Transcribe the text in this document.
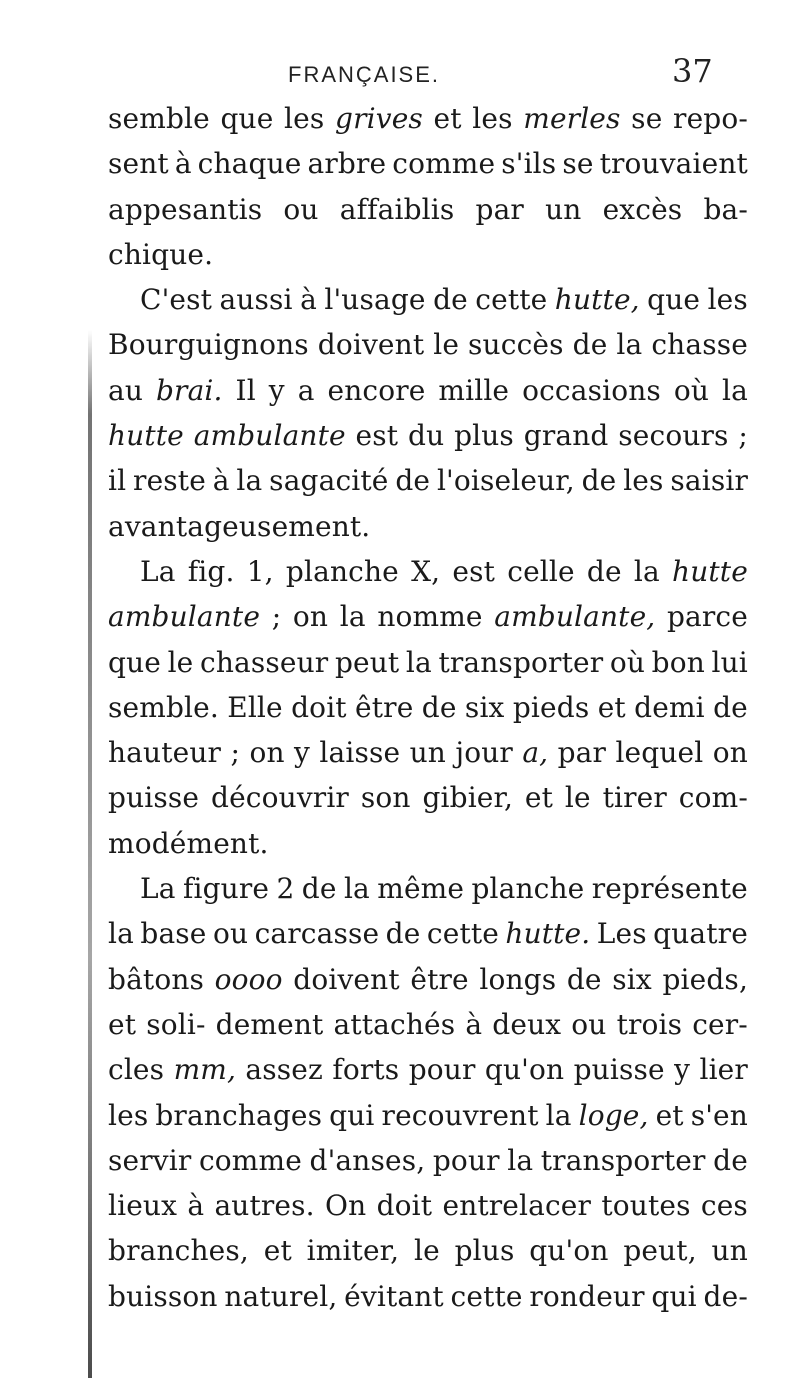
FRANÇAISE.	37
semble que les grives et les merles se repo-
sent à chaque arbre comme s'ils se trouvaient
appesantis ou affaiblis par un excès ba-
chique.
C'est aussi à l'usage de cette hutte, que les
Bourguignons doivent le succès de la chasse
au brai. Il y a encore mille occasions où la
hutte ambulante est du plus grand secours ;
il reste à la sagacité de l'oiseleur, de les saisir
avantageusement.
La fig. 1, planche X, est celle de la hutte
ambulante ; on la nomme ambulante, parce
que le chasseur peut la transporter où bon lui
semble. Elle doit être de six pieds et demi de
hauteur ; on y laisse un jour a, par lequel on
puisse découvrir son gibier, et le tirer com-
modément.
La figure 2 de la même planche représente
la base ou carcasse de cette hutte. Les quatre
bâtons oooo doivent être longs de six pieds,
et soli- dement attachés à deux ou trois cer-
cles mm, assez forts pour qu'on puisse y lier
les branchages qui recouvrent la loge, et s'en
servir comme d'anses, pour la transporter de
lieux à autres. On doit entrelacer toutes ces
branches, et imiter, le plus qu'on peut, un
buisson naturel, évitant cette rondeur qui de-
